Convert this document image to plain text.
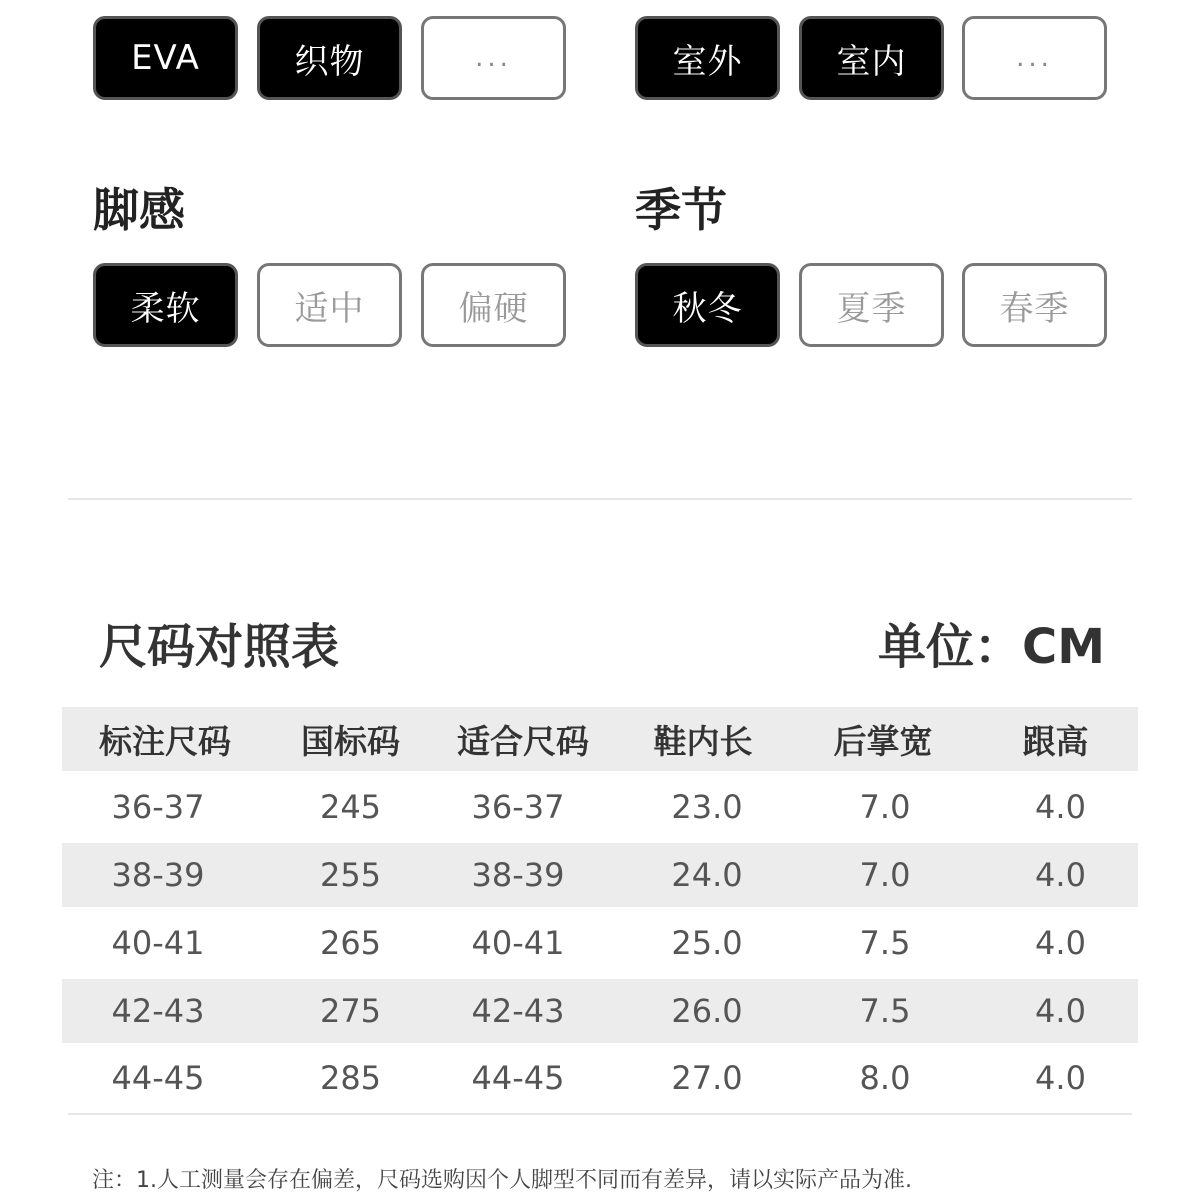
EVA	织物	...	室外	室内	...
脚感	季节
柔软	适中	偏硬	秋冬	夏季	春季
尺码对照表	单位：CM
标注尺码	国标码	适合尺码	鞋内长	后掌宽	跟高
36-37	245	36-37	23.0	7.0	4.0
38-39	255	38-39	24.0	7.0	4.0
40-41	265	40-41	25.0	7.5	4.0
42-43	275	42-43	26.0	7.5	4.0
44-45	285	44-45	27.0	8.0	4.0
注：1.人工测量会存在偏差，尺码选购因个人脚型不同而有差异，请以实际产品为准.
